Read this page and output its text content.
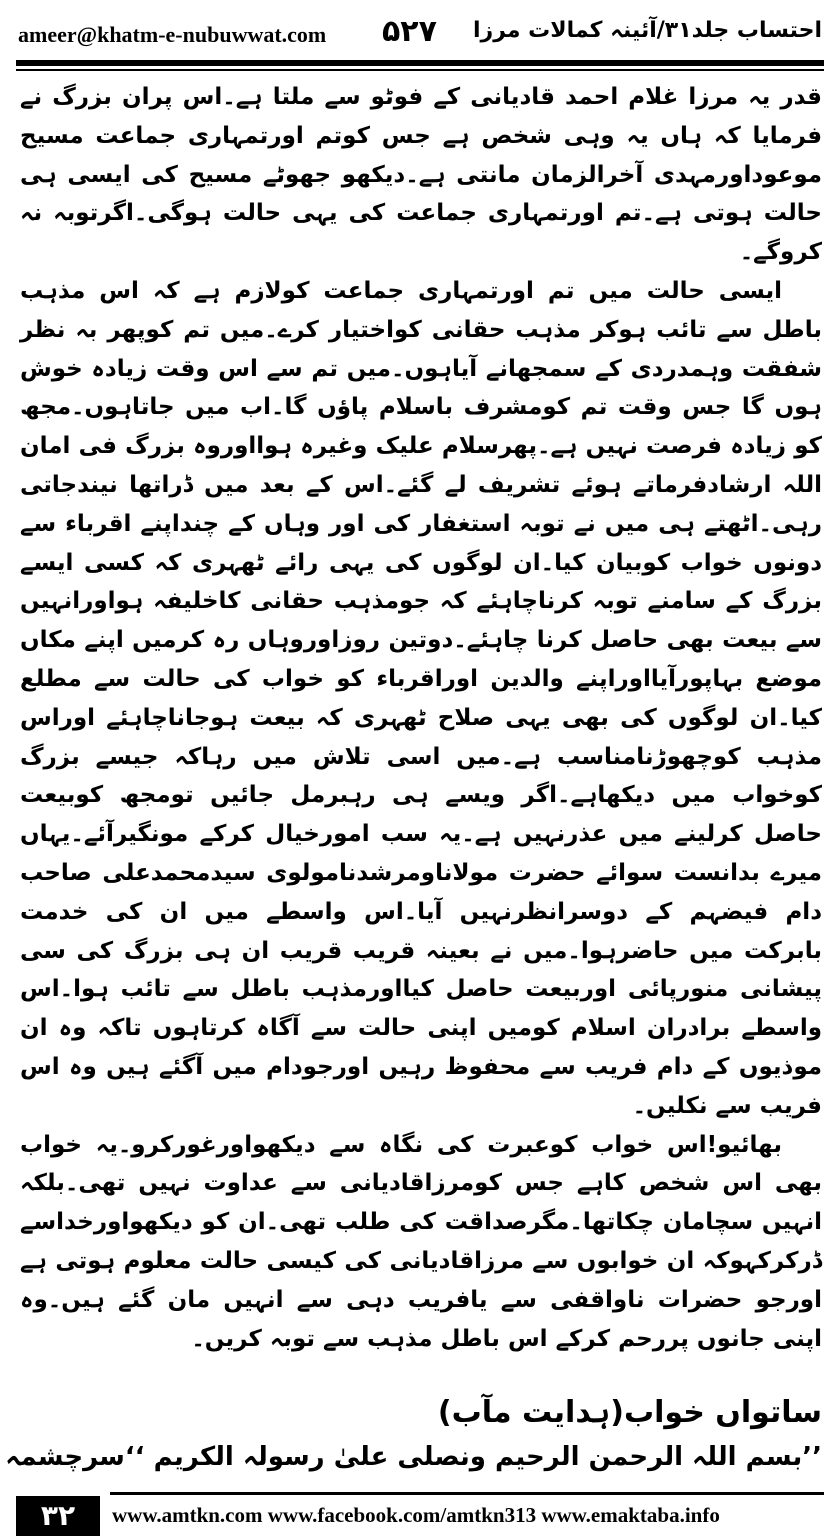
ameer@khatm-e-nubuwwat.com ۵۲۷ احتساب جلد۳۱/آئینہ کمالات مرزا

قدر یہ مرزا غلام احمد قادیانی کے فوٹو سے ملتا ہے۔اس پران بزرگ نے فرمایا کہ ہاں یہ وہی شخص ہے جس کوتم اورتمہاری جماعت مسیح موعوداورمہدی آخرالزمان مانتی ہے۔دیکھو جھوٹے مسیح کی ایسی ہی حالت ہوتی ہے۔تم اورتمہاری جماعت کی یہی حالت ہوگی۔اگرتوبہ نہ کروگے۔

ایسی حالت میں تم اورتمہاری جماعت کولازم ہے کہ اس مذہب باطل سے تائب ہوکر مذہب حقانی کواختیار کرے۔میں تم کوپھر بہ نظر شفقت وہمدردی کے سمجھانے آیاہوں۔میں تم سے اس وقت زیادہ خوش ہوں گا جس وقت تم کومشرف باسلام پاؤں گا۔اب میں جاتاہوں۔مجھ کو زیادہ فرصت نہیں ہے۔پھرسلام علیک وغیرہ ہوااوروہ بزرگ فی امان اللہ ارشادفرماتے ہوئے تشریف لے گئے۔اس کے بعد میں ڈراتھا نیندجاتی رہی۔اٹھتے ہی میں نے توبہ استغفار کی اور وہاں کے چنداپنے اقرباء سے دونوں خواب کوبیان کیا۔ان لوگوں کی یہی رائے ٹھہری کہ کسی ایسے بزرگ کے سامنے توبہ کرناچاہئے کہ جومذہب حقانی کاخلیفہ ہواورانہیں سے بیعت بھی حاصل کرنا چاہئے۔دوتین روزاوروہاں رہ کرمیں اپنے مکاں موضع بہاپورآیااوراپنے والدین اوراقرباء کو خواب کی حالت سے مطلع کیا۔ان لوگوں کی بھی یہی صلاح ٹھہری کہ بیعت ہوجاناچاہئے اوراس مذہب کوچھوڑنامناسب ہے۔میں اسی تلاش میں رہاکہ جیسے بزرگ کوخواب میں دیکھاہے۔اگر ویسے ہی رہبرمل جائیں تومجھ کوبیعت حاصل کرلینے میں عذرنہیں ہے۔یہ سب امورخیال کرکے مونگیرآئے۔یہاں میرے بدانست سوائے حضرت مولاناومرشدنامولوی سیدمحمدعلی صاحب دام فیضہم کے دوسرانظرنہیں آیا۔اس واسطے میں ان کی خدمت بابرکت میں حاضرہوا۔میں نے بعینہ قریب قریب ان ہی بزرگ کی سی پیشانی منورپائی اوربیعت حاصل کیااورمذہب باطل سے تائب ہوا۔اس واسطے برادران اسلام کومیں اپنی حالت سے آگاہ کرتاہوں تاکہ وہ ان موذیوں کے دام فریب سے محفوظ رہیں اورجودام میں آگئے ہیں وہ اس فریب سے نکلیں۔

بھائیو!اس خواب کوعبرت کی نگاہ سے دیکھواورغورکرو۔یہ خواب بھی اس شخص کاہے جس کومرزاقادیانی سے عداوت نہیں تھی۔بلکہ انہیں سچامان چکاتھا۔مگرصداقت کی طلب تھی۔ان کو دیکھواورخداسے ڈرکرکہوکہ ان خوابوں سے مرزاقادیانی کی کیسی حالت معلوم ہوتی ہے اورجو حضرات ناواقفی سے یافریب دہی سے انہیں مان گئے ہیں۔وہ اپنی جانوں پررحم کرکے اس باطل مذہب سے توبہ کریں۔

ساتواں خواب(ہدایت مآب)
’’بسم اللہ الرحمن الرحیم ونصلی علیٰ رسولہ الکریم ‘‘سرچشمہ
۳۲	www.amtkn.com www.facebook.com/amtkn313 www.emaktaba.info
